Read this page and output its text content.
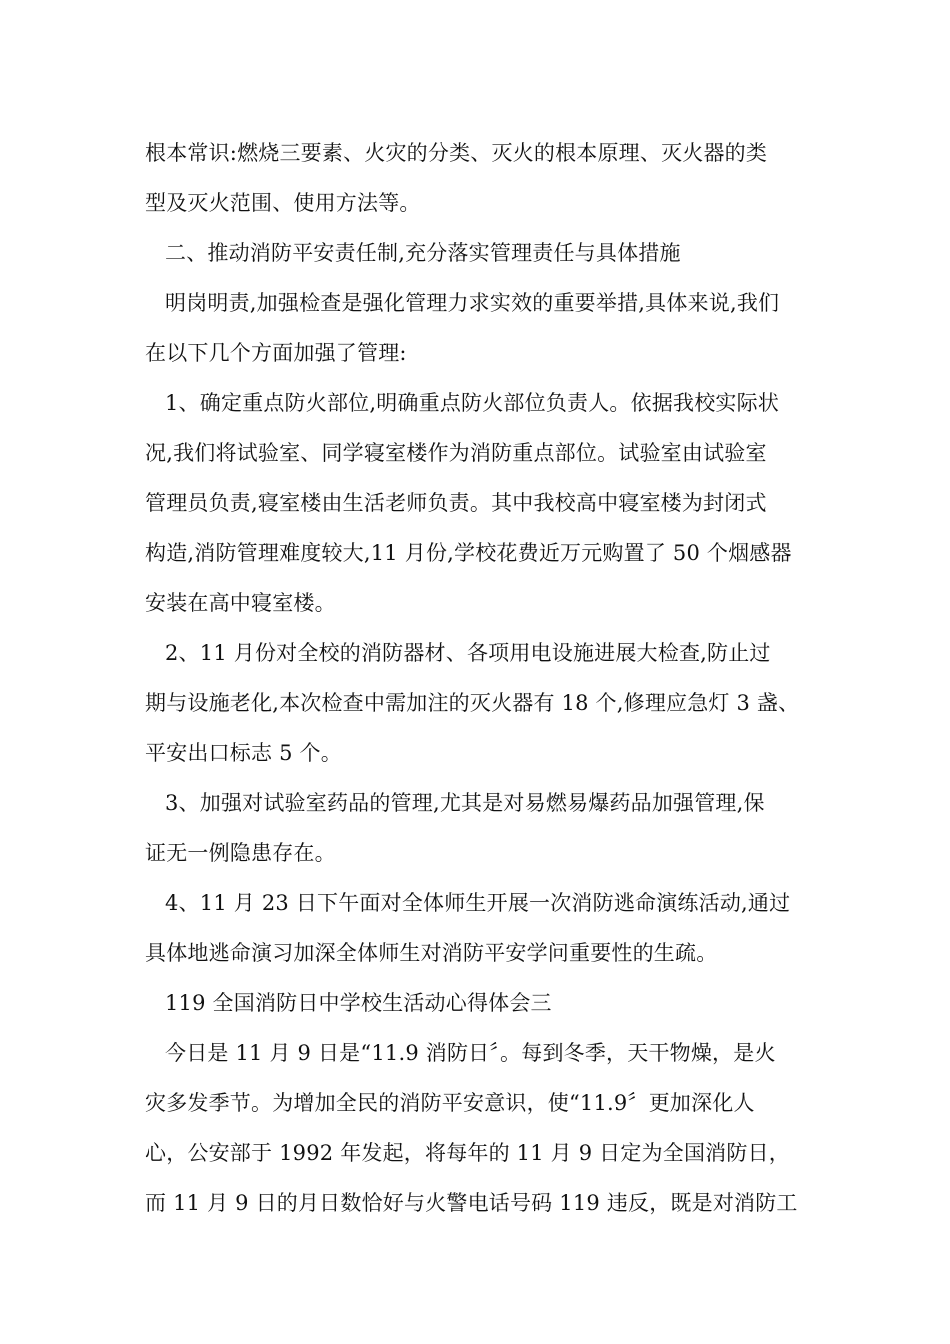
根本常识:燃烧三要素、火灾的分类、灭火的根本原理、灭火器的类
型及灭火范围、使用方法等。
二、推动消防平安责任制,充分落实管理责任与具体措施
明岗明责,加强检查是强化管理力求实效的重要举措,具体来说,我们
在以下几个方面加强了管理:
1、确定重点防火部位,明确重点防火部位负责人。依据我校实际状
况,我们将试验室、同学寝室楼作为消防重点部位。试验室由试验室
管理员负责,寝室楼由生活老师负责。其中我校高中寝室楼为封闭式
构造,消防管理难度较大,11 月份,学校花费近万元购置了 50 个烟感器
安装在高中寝室楼。
2、11 月份对全校的消防器材、各项用电设施进展大检查,防止过
期与设施老化,本次检查中需加注的灭火器有 18 个,修理应急灯 3 盏、
平安出口标志 5 个。
3、加强对试验室药品的管理,尤其是对易燃易爆药品加强管理,保
证无一例隐患存在。
4、11 月 23 日下午面对全体师生开展一次消防逃命演练活动,通过
具体地逃命演习加深全体师生对消防平安学问重要性的生疏。
119 全国消防日中学校生活动心得体会三
今日是 11 月 9 日是“11.9 消防日〞。每到冬季，天干物燥，是火
灾多发季节。为增加全民的消防平安意识，使“11.9〞更加深化人
心，公安部于 1992 年发起，将每年的 11 月 9 日定为全国消防日，
而 11 月 9 日的月日数恰好与火警电话号码 119 违反，既是对消防工
